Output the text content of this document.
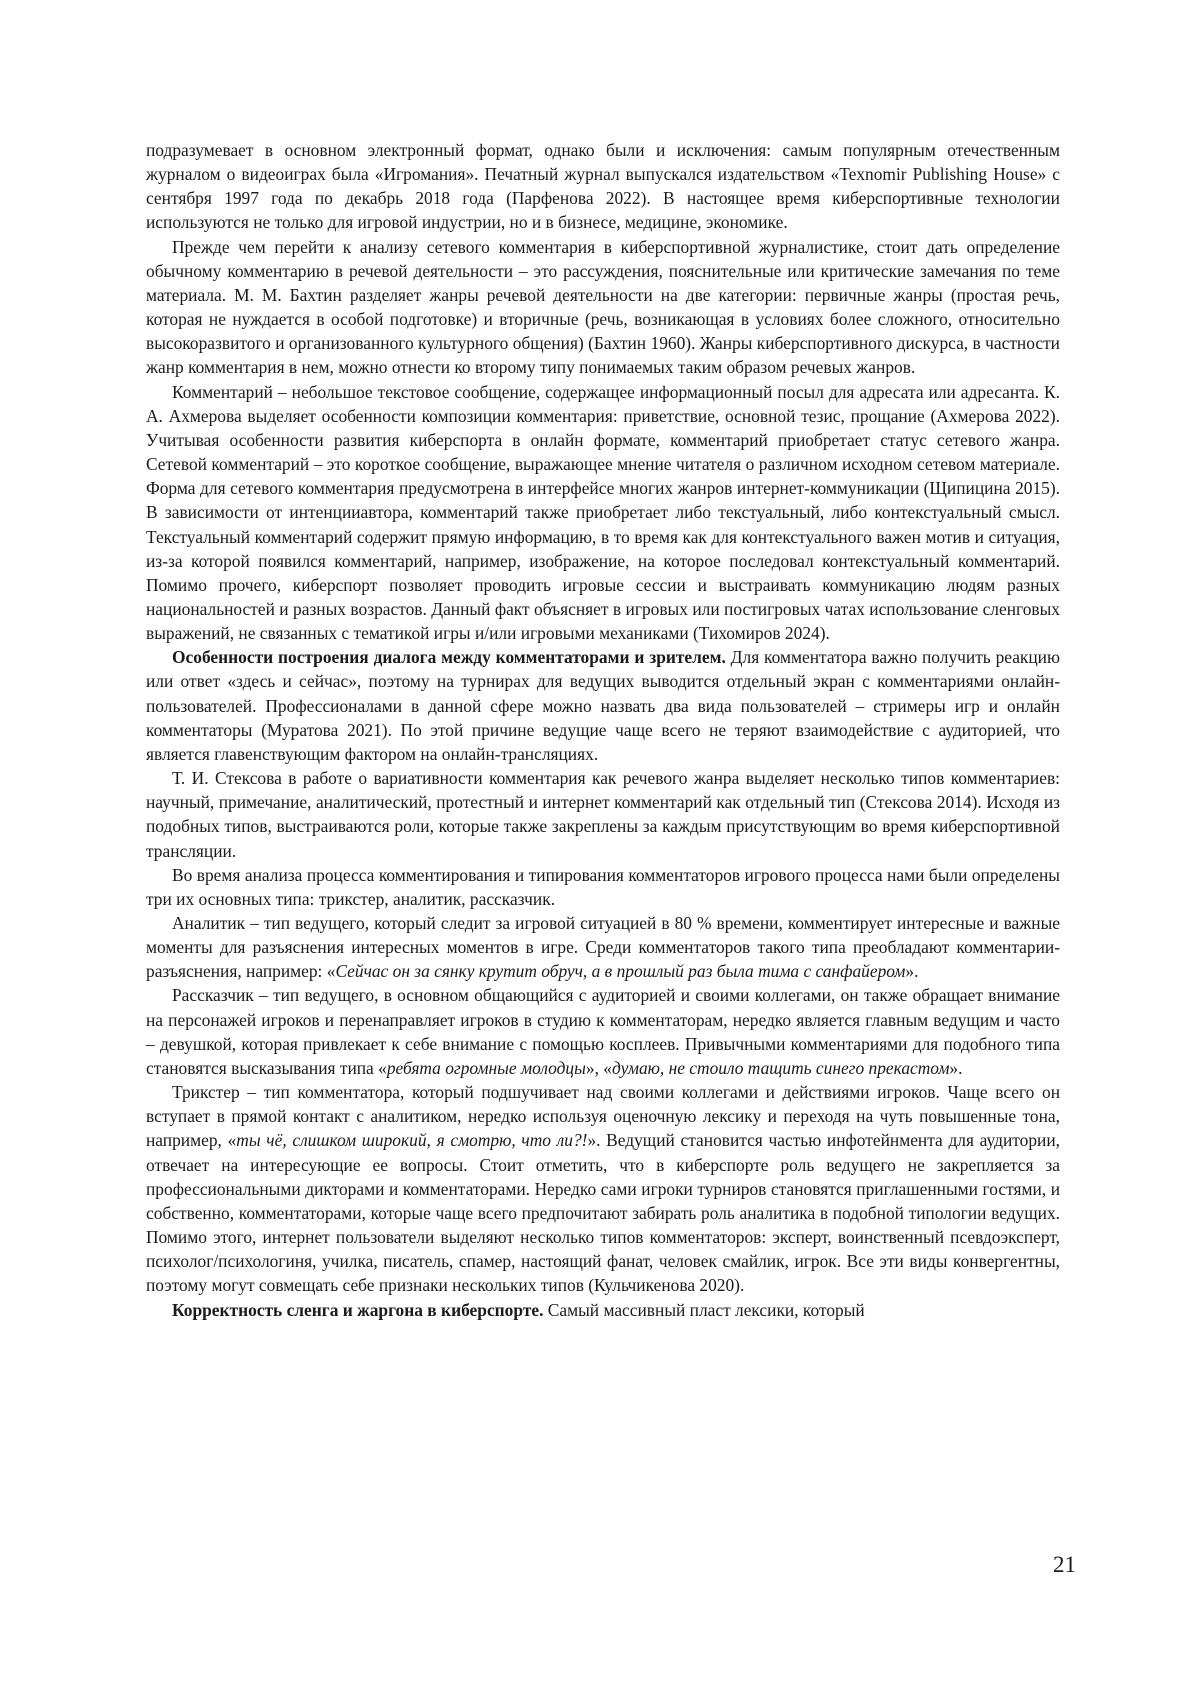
подразумевает в основном электронный формат, однако были и исключения: самым популярным отечественным журналом о видеоиграх была «Игромания». Печатный журнал выпускался издательством «Texnomir Publishing House» с сентября 1997 года по декабрь 2018 года (Парфенова 2022). В настоящее время киберспортивные технологии используются не только для игровой индустрии, но и в бизнесе, медицине, экономике.

Прежде чем перейти к анализу сетевого комментария в киберспортивной журналистике, стоит дать определение обычному комментарию в речевой деятельности – это рассуждения, пояснительные или критические замечания по теме материала. М. М. Бахтин разделяет жанры речевой деятельности на две категории: первичные жанры (простая речь, которая не нуждается в особой подготовке) и вторичные (речь, возникающая в условиях более сложного, относительно высокоразвитого и организованного культурного общения) (Бахтин 1960). Жанры киберспортивного дискурса, в частности жанр комментария в нем, можно отнести ко второму типу понимаемых таким образом речевых жанров.

Комментарий – небольшое текстовое сообщение, содержащее информационный посыл для адресата или адресанта. К. А. Ахмерова выделяет особенности композиции комментария: приветствие, основной тезис, прощание (Ахмерова 2022). Учитывая особенности развития киберспорта в онлайн формате, комментарий приобретает статус сетевого жанра. Сетевой комментарий – это короткое сообщение, выражающее мнение читателя о различном исходном сетевом материале. Форма для сетевого комментария предусмотрена в интерфейсе многих жанров интернет-коммуникации (Щипицина 2015). В зависимости от интенцииавтора, комментарий также приобретает либо текстуальный, либо контекстуальный смысл. Текстуальный комментарий содержит прямую информацию, в то время как для контекстуального важен мотив и ситуация, из-за которой появился комментарий, например, изображение, на которое последовал контекстуальный комментарий. Помимо прочего, киберспорт позволяет проводить игровые сессии и выстраивать коммуникацию людям разных национальностей и разных возрастов. Данный факт объясняет в игровых или постигровых чатах использование сленговых выражений, не связанных с тематикой игры и/или игровыми механиками (Тихомиров 2024).

Особенности построения диалога между комментаторами и зрителем. Для комментатора важно получить реакцию или ответ «здесь и сейчас», поэтому на турнирах для ведущих выводится отдельный экран с комментариями онлайн-пользователей. Профессионалами в данной сфере можно назвать два вида пользователей – стримеры игр и онлайн комментаторы (Муратова 2021). По этой причине ведущие чаще всего не теряют взаимодействие с аудиторией, что является главенствующим фактором на онлайн-трансляциях.

Т. И. Стексова в работе о вариативности комментария как речевого жанра выделяет несколько типов комментариев: научный, примечание, аналитический, протестный и интернет комментарий как отдельный тип (Стексова 2014). Исходя из подобных типов, выстраиваются роли, которые также закреплены за каждым присутствующим во время киберспортивной трансляции.

Во время анализа процесса комментирования и типирования комментаторов игрового процесса нами были определены три их основных типа: трикстер, аналитик, рассказчик.

Аналитик – тип ведущего, который следит за игровой ситуацией в 80 % времени, комментирует интересные и важные моменты для разъяснения интересных моментов в игре. Среди комментаторов такого типа преобладают комментарии-разъяснения, например: «Сейчас он за сянку крутит обруч, а в прошлый раз была тима с санфайером».

Рассказчик – тип ведущего, в основном общающийся с аудиторией и своими коллегами, он также обращает внимание на персонажей игроков и перенаправляет игроков в студию к комментаторам, нередко является главным ведущим и часто – девушкой, которая привлекает к себе внимание с помощью косплеев. Привычными комментариями для подобного типа становятся высказывания типа «ребята огромные молодцы», «думаю, не стоило тащить синего прекастом».

Трикстер – тип комментатора, который подшучивает над своими коллегами и действиями игроков. Чаще всего он вступает в прямой контакт с аналитиком, нередко используя оценочную лексику и переходя на чуть повышенные тона, например, «ты чё, слишком широкий, я смотрю, что ли?!». Ведущий становится частью инфотейнмента для аудитории, отвечает на интересующие ее вопросы. Стоит отметить, что в киберспорте роль ведущего не закрепляется за профессиональными дикторами и комментаторами. Нередко сами игроки турниров становятся приглашенными гостями, и собственно, комментаторами, которые чаще всего предпочитают забирать роль аналитика в подобной типологии ведущих. Помимо этого, интернет пользователи выделяют несколько типов комментаторов: эксперт, воинственный псевдоэксперт, психолог/психологиня, училка, писатель, спамер, настоящий фанат, человек смайлик, игрок. Все эти виды конвергентны, поэтому могут совмещать себе признаки нескольких типов (Кульчикенова 2020).

Корректность сленга и жаргона в киберспорте. Самый массивный пласт лексики, который

21
